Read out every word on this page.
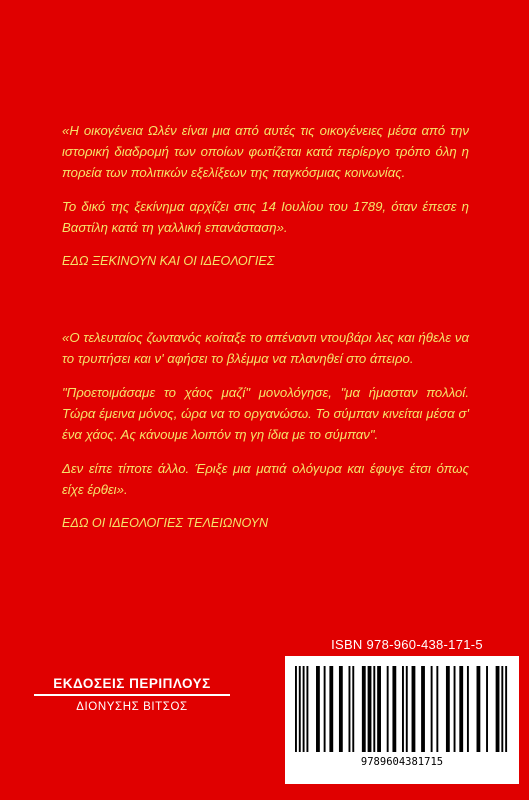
«Η οικογένεια Ωλέν είναι μια από αυτές τις οικογένειες μέσα από την ιστορική διαδρομή των οποίων φωτίζεται κατά περίεργο τρόπο όλη η πορεία των πολιτικών εξελίξεων της παγκόσμιας κοινωνίας.

Το δικό της ξεκίνημα αρχίζει στις 14 Ιουλίου του 1789, όταν έπεσε η Βαστίλη κατά τη γαλλική επανάσταση».

ΕΔΩ ΞΕΚΙΝΟΥΝ ΚΑΙ ΟΙ ΙΔΕΟΛΟΓΙΕΣ

«Ο τελευταίος ζωντανός κοίταξε το απέναντι ντουβάρι λες και ήθελε να το τρυπήσει και ν' αφήσει το βλέμμα να πλανηθεί στο άπειρο.

"Προετοιμάσαμε το χάος μαζί" μονολόγησε, "μα ήμασταν πολλοί. Τώρα έμεινα μόνος, ώρα να το οργανώσω. Το σύμπαν κινείται μέσα σ' ένα χάος. Ας κάνουμε λοιπόν τη γη ίδια με το σύμπαν".

Δεν είπε τίποτε άλλο. Έριξε μια ματιά ολόγυρα και έφυγε έτσι όπως είχε έρθει».

ΕΔΩ ΟΙ ΙΔΕΟΛΟΓΙΕΣ ΤΕΛΕΙΩΝΟΥΝ

ΕΚΔΟΣΕΙΣ ΠΕΡΙΠΛΟΥΣ
ΔΙΟΝΥΣΗΣ ΒΙΤΣΟΣ
ISBN 978-960-438-171-5
9789604381715
